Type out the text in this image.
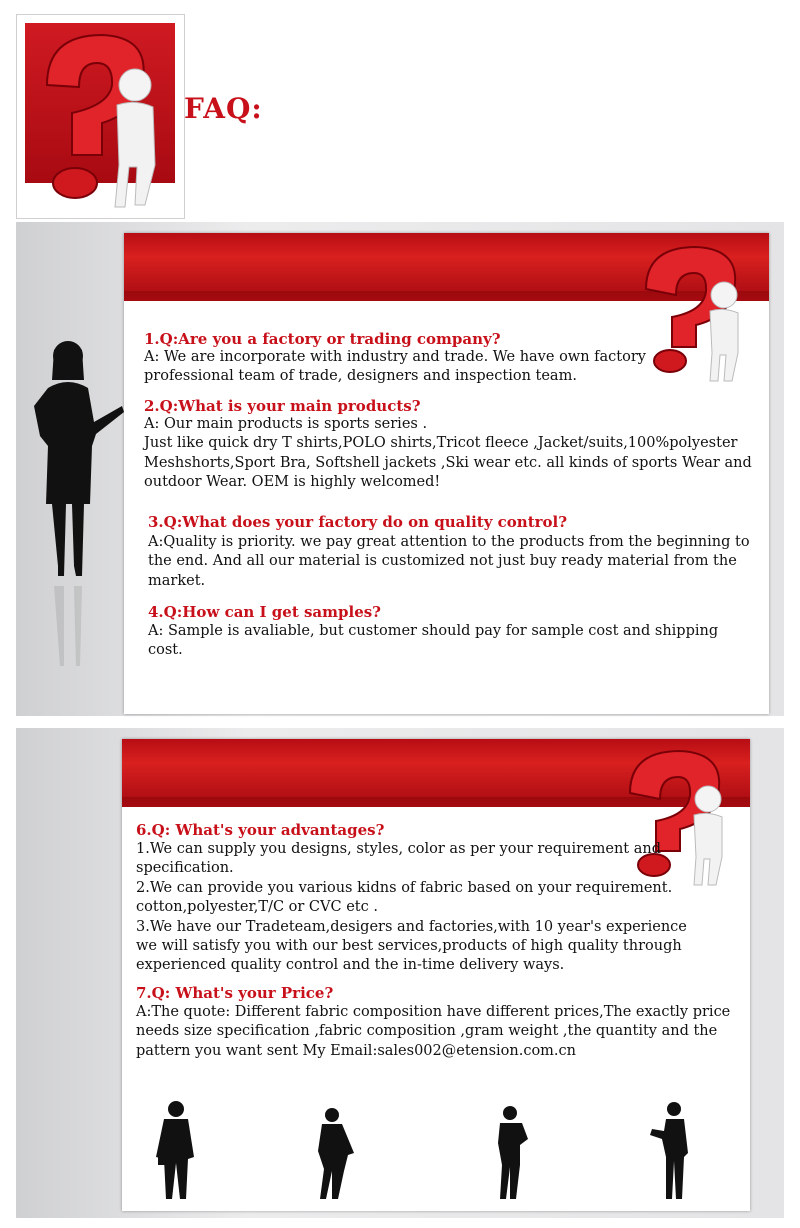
FAQ:
1.Q:Are you a factory or trading company?
A: We are incorporate with industry and trade. We have own factory
professional team of trade, designers and inspection team.
2.Q:What is your main products?
A: Our main products is sports series .
Just like quick dry T shirts,POLO shirts,Tricot fleece ,Jacket/suits,100%polyester
Meshshorts,Sport Bra, Softshell jackets ,Ski wear etc. all kinds of sports Wear and
outdoor Wear. OEM is highly welcomed!
3.Q:What does your factory do on quality control?
A:Quality is priority. we pay great attention to the products from the beginning to
the end. And all our material is customized not just buy ready material from the
market.
4.Q:How can I get samples?
A: Sample is avaliable, but customer should pay for sample cost and shipping
cost.
6.Q: What's your advantages?
1.We can supply you designs, styles, color as per your requirement and
specification.
2.We can provide you various kidns of fabric based on your requirement.
cotton,polyester,T/C or CVC etc .
3.We have our Tradeteam,desigers and factories,with 10 year's experience
we will satisfy you with our best services,products of high quality through
experienced quality control and the in-time delivery ways.
7.Q: What's your Price?
A:The quote: Different fabric composition have different prices,The exactly price
needs size specification ,fabric composition ,gram weight ,the quantity and the
pattern you want sent My Email:sales002@etension.com.cn
